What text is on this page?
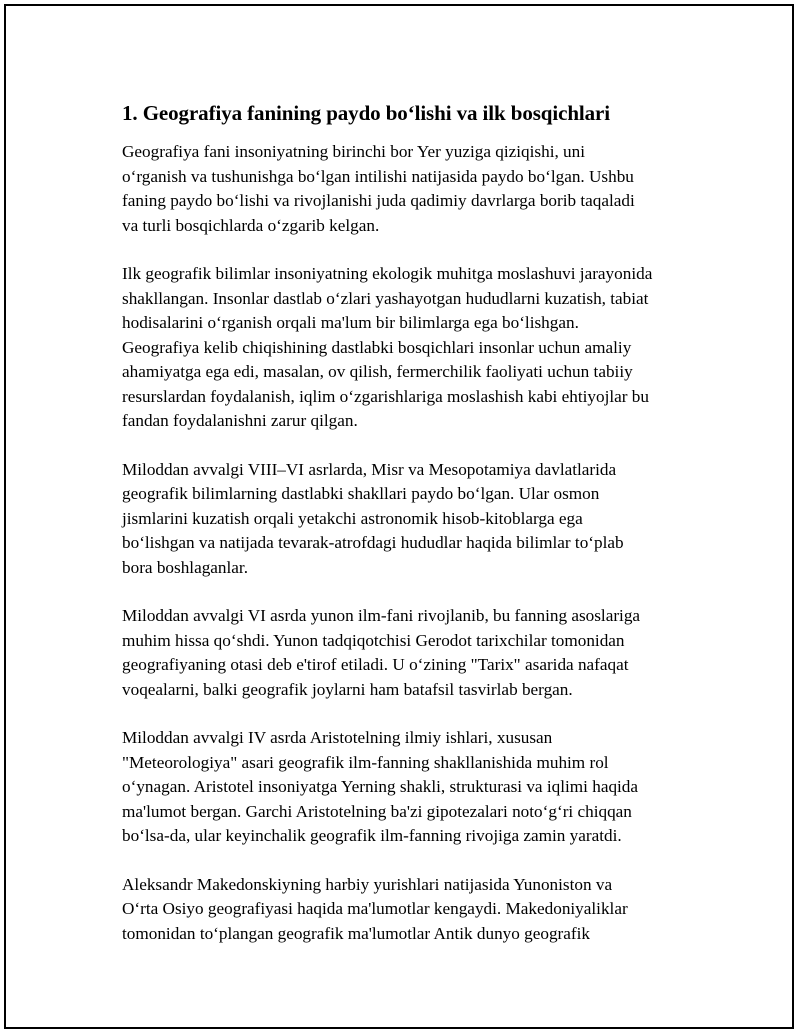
1. Geografiya fanining paydo boʻlishi va ilk bosqichlari

Geografiya fani insoniyatning birinchi bor Yer yuziga qiziqishi, uni
oʻrganish va tushunishga boʻlgan intilishi natijasida paydo boʻlgan. Ushbu
faning paydo boʻlishi va rivojlanishi juda qadimiy davrlarga borib taqaladi
va turli bosqichlarda oʻzgarib kelgan.

Ilk geografik bilimlar insoniyatning ekologik muhitga moslashuvi jarayonida
shakllangan. Insonlar dastlab oʻzlari yashayotgan hududlarni kuzatish, tabiat
hodisalarini oʻrganish orqali ma'lum bir bilimlarga ega boʻlishgan.
Geografiya kelib chiqishining dastlabki bosqichlari insonlar uchun amaliy
ahamiyatga ega edi, masalan, ov qilish, fermerchilik faoliyati uchun tabiiy
resurslardan foydalanish, iqlim oʻzgarishlariga moslashish kabi ehtiyojlar bu
fandan foydalanishni zarur qilgan.

Miloddan avvalgi VIII–VI asrlarda, Misr va Mesopotamiya davlatlarida
geografik bilimlarning dastlabki shakllari paydo boʻlgan. Ular osmon
jismlarini kuzatish orqali yetakchi astronomik hisob-kitoblarga ega
boʻlishgan va natijada tevarak-atrofdagi hududlar haqida bilimlar toʻplab
bora boshlaganlar.

Miloddan avvalgi VI asrda yunon ilm-fani rivojlanib, bu fanning asoslariga
muhim hissa qoʻshdi. Yunon tadqiqotchisi Gerodot tarixchilar tomonidan
geografiyaning otasi deb e'tirof etiladi. U oʻzining "Tarix" asarida nafaqat
voqealarni, balki geografik joylarni ham batafsil tasvirlab bergan.

Miloddan avvalgi IV asrda Aristotelning ilmiy ishlari, xususan
"Meteorologiya" asari geografik ilm-fanning shakllanishida muhim rol
oʻynagan. Aristotel insoniyatga Yerning shakli, strukturasi va iqlimi haqida
ma'lumot bergan. Garchi Aristotelning ba'zi gipotezalari notoʻgʻri chiqqan
boʻlsa-da, ular keyinchalik geografik ilm-fanning rivojiga zamin yaratdi.

Aleksandr Makedonskiyning harbiy yurishlari natijasida Yunoniston va
Oʻrta Osiyo geografiyasi haqida ma'lumotlar kengaydi. Makedoniyaliklar
tomonidan toʻplangan geografik ma'lumotlar Antik dunyo geografik
